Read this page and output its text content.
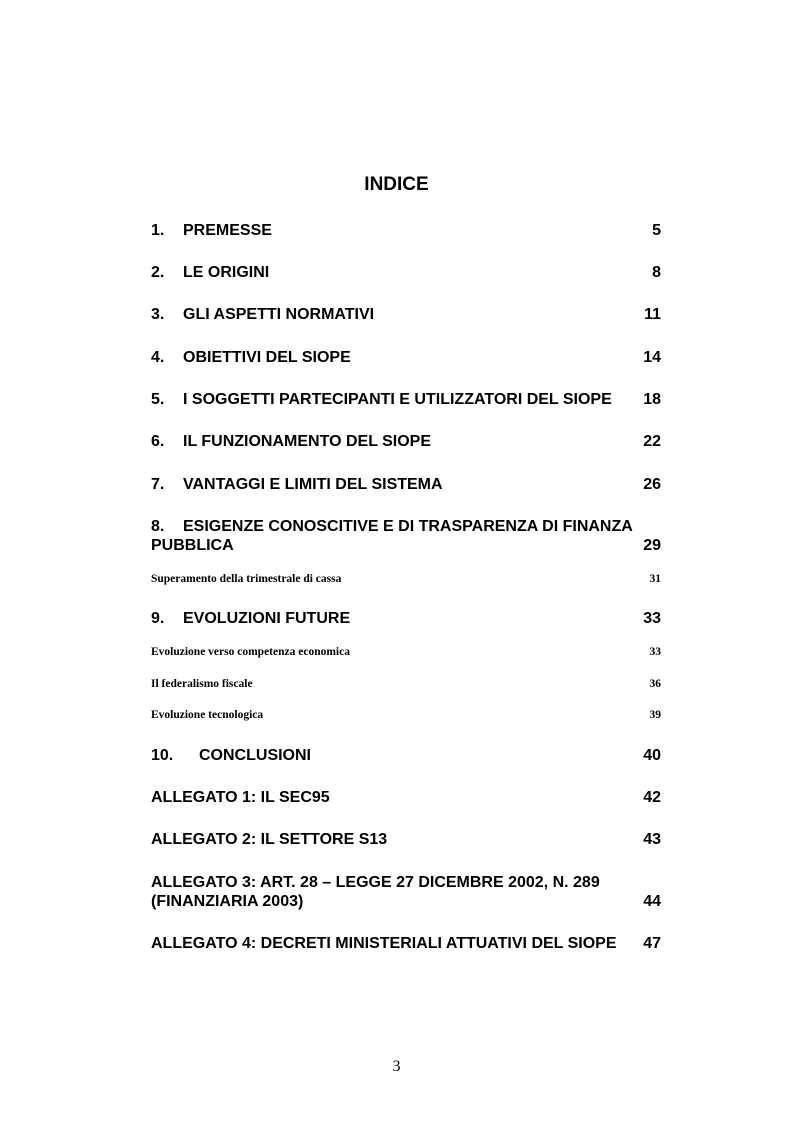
INDICE
1. PREMESSE	5
2. LE ORIGINI	8
3. GLI ASPETTI NORMATIVI	11
4. OBIETTIVI DEL SIOPE	14
5. I SOGGETTI PARTECIPANTI E UTILIZZATORI DEL SIOPE 18
6. IL FUNZIONAMENTO DEL SIOPE	22
7. VANTAGGI E LIMITI DEL SISTEMA	26
8. ESIGENZE CONOSCITIVE E DI TRASPARENZA DI FINANZA
PUBBLICA	29
Superamento della trimestrale di cassa	31
9. EVOLUZIONI FUTURE	33
Evoluzione verso competenza economica	33
Il federalismo fiscale	36
Evoluzione tecnologica	39
10. CONCLUSIONI	40
ALLEGATO 1: IL SEC95	42
ALLEGATO 2: IL SETTORE S13	43
ALLEGATO 3: ART. 28 – LEGGE 27 DICEMBRE 2002, N. 289
(FINANZIARIA 2003)	44
ALLEGATO 4: DECRETI MINISTERIALI ATTUATIVI DEL SIOPE 47
3
